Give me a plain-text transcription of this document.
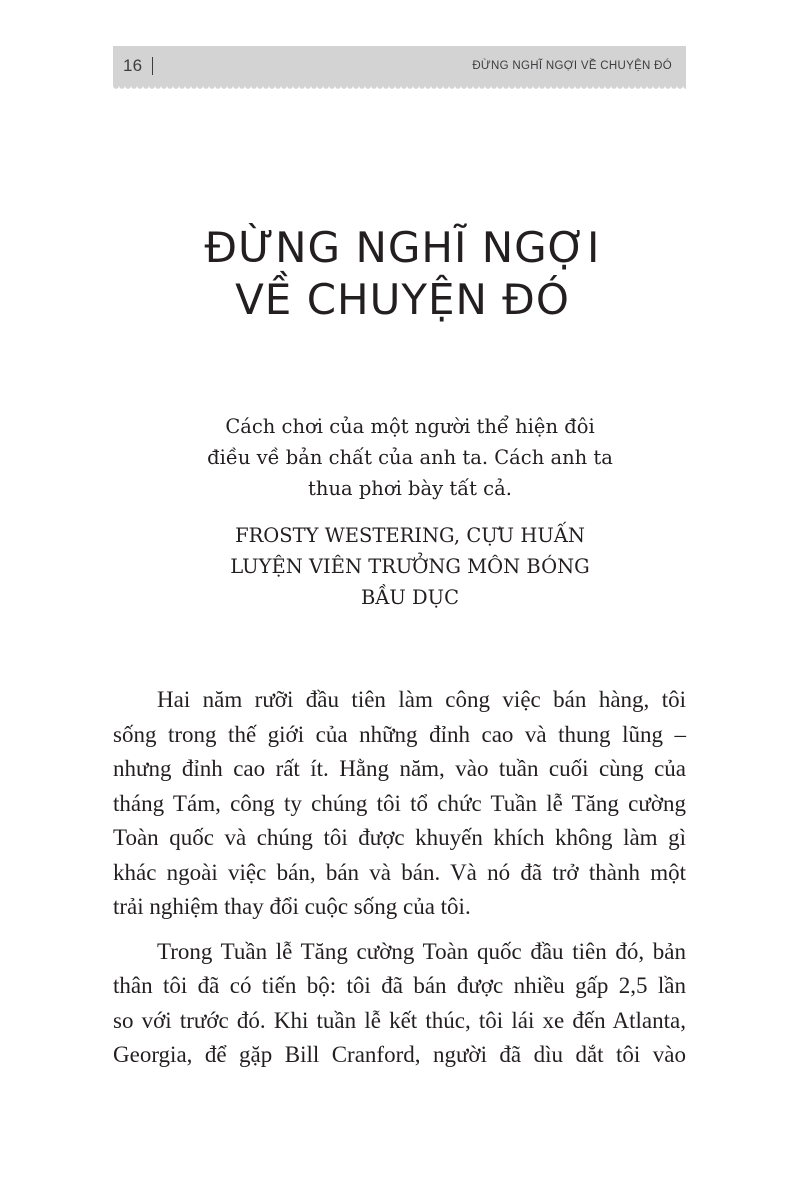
16	ĐỪNG NGHĨ NGỢI VỀ CHUYỆN ĐÓ
ĐỪNG NGHĨ NGỢI
VỀ CHUYỆN ĐÓ

Cách chơi của một người thể hiện đôi
điều về bản chất của anh ta. Cách anh ta
thua phơi bày tất cả.

FROSTY WESTERING, CỰU HUẤN
LUYỆN VIÊN TRƯỞNG MÔN BÓNG
BẦU DỤC

Hai năm rưỡi đầu tiên làm công việc bán hàng, tôi
sống trong thế giới của những đỉnh cao và thung lũng –
nhưng đỉnh cao rất ít. Hằng năm, vào tuần cuối cùng của
tháng Tám, công ty chúng tôi tổ chức Tuần lễ Tăng cường
Toàn quốc và chúng tôi được khuyến khích không làm gì
khác ngoài việc bán, bán và bán. Và nó đã trở thành một
trải nghiệm thay đổi cuộc sống của tôi.

Trong Tuần lễ Tăng cường Toàn quốc đầu tiên đó, bản
thân tôi đã có tiến bộ: tôi đã bán được nhiều gấp 2,5 lần
so với trước đó. Khi tuần lễ kết thúc, tôi lái xe đến Atlanta,
Georgia, để gặp Bill Cranford, người đã dìu dắt tôi vào
